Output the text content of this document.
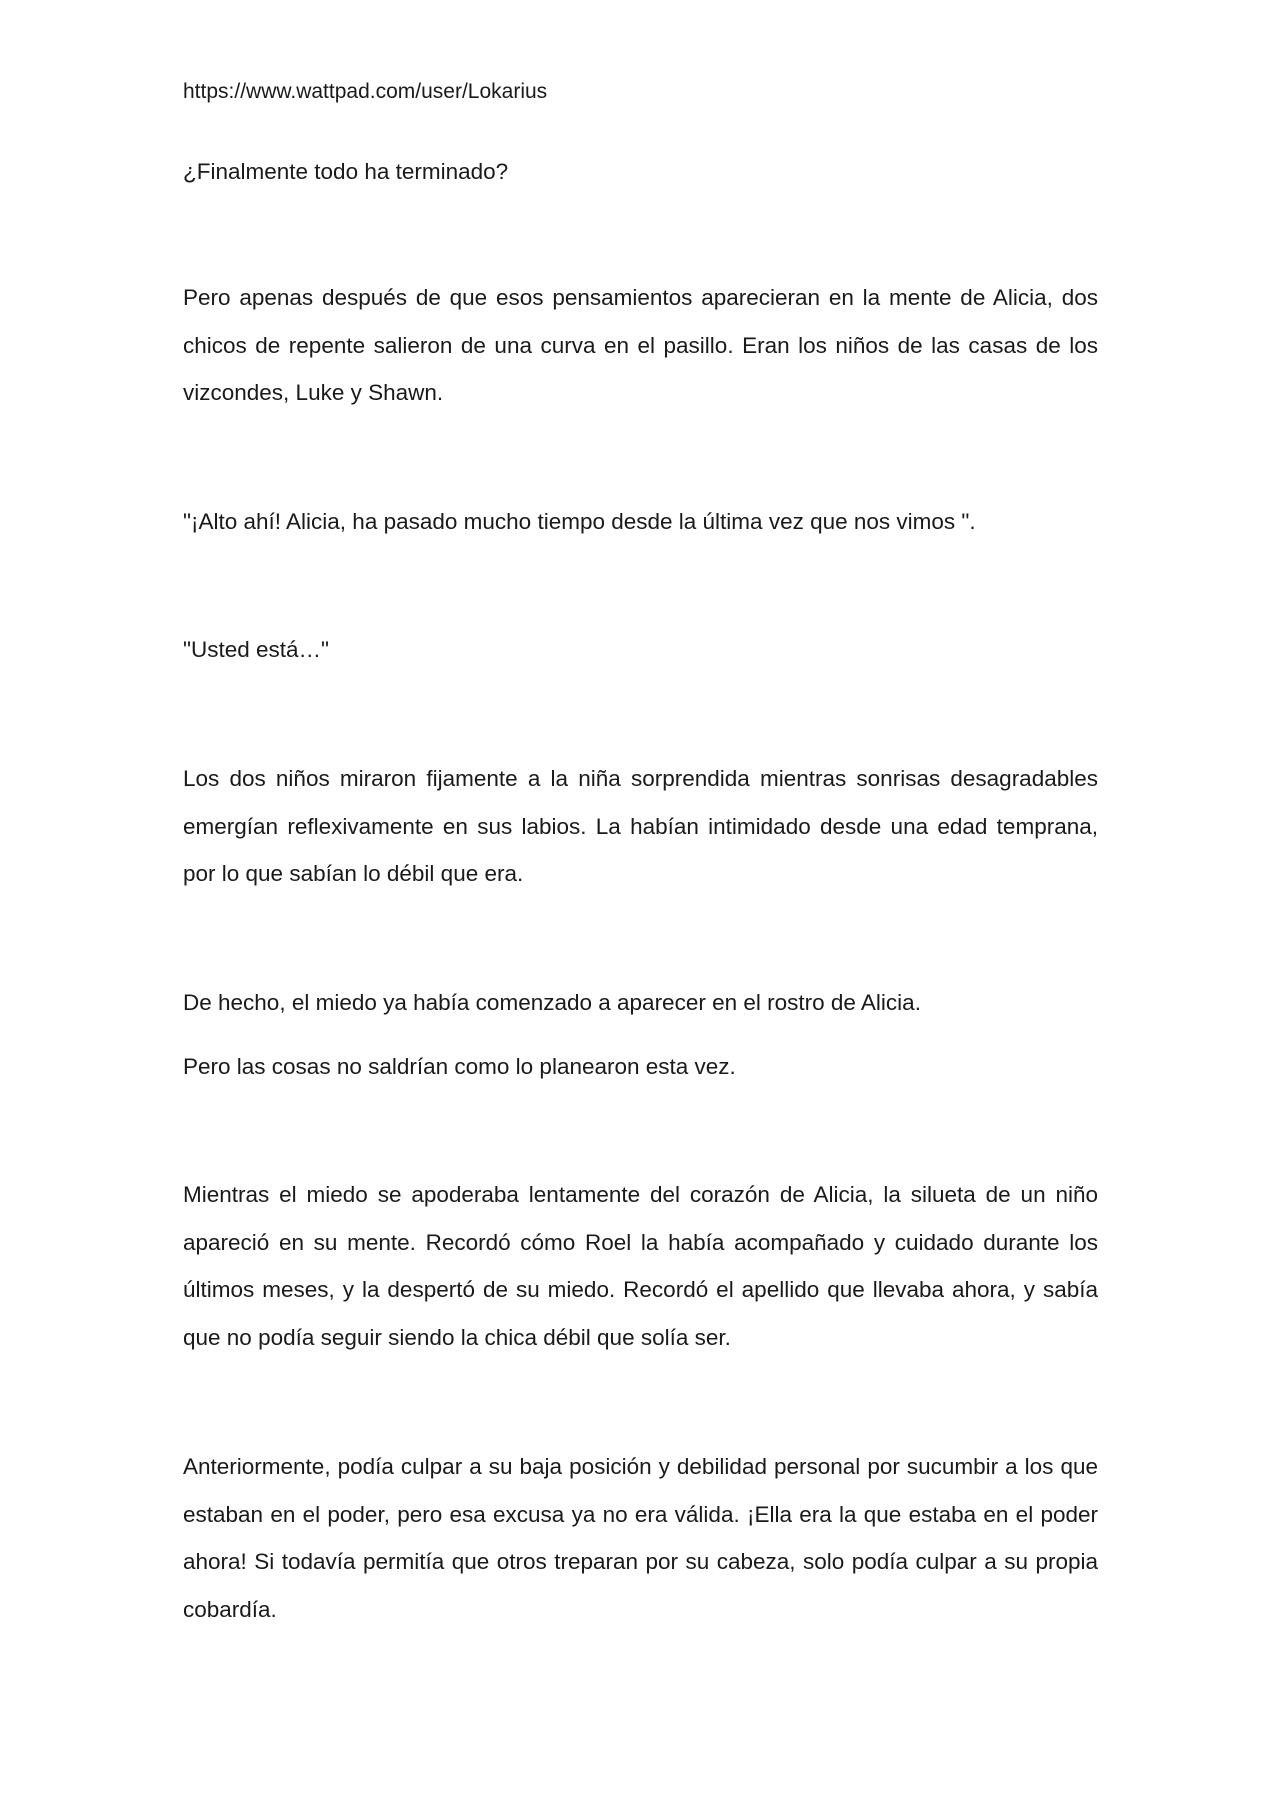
https://www.wattpad.com/user/Lokarius

¿Finalmente todo ha terminado?

Pero apenas después de que esos pensamientos aparecieran en la mente de Alicia, dos chicos de repente salieron de una curva en el pasillo. Eran los niños de las casas de los vizcondes, Luke y Shawn.

"¡Alto ahí! Alicia, ha pasado mucho tiempo desde la última vez que nos vimos ".

"Usted está…"

Los dos niños miraron fijamente a la niña sorprendida mientras sonrisas desagradables emergían reflexivamente en sus labios. La habían intimidado desde una edad temprana, por lo que sabían lo débil que era.

De hecho, el miedo ya había comenzado a aparecer en el rostro de Alicia.

Pero las cosas no saldrían como lo planearon esta vez.

Mientras el miedo se apoderaba lentamente del corazón de Alicia, la silueta de un niño apareció en su mente. Recordó cómo Roel la había acompañado y cuidado durante los últimos meses, y la despertó de su miedo. Recordó el apellido que llevaba ahora, y sabía que no podía seguir siendo la chica débil que solía ser.

Anteriormente, podía culpar a su baja posición y debilidad personal por sucumbir a los que estaban en el poder, pero esa excusa ya no era válida. ¡Ella era la que estaba en el poder ahora! Si todavía permitía que otros treparan por su cabeza, solo podía culpar a su propia cobardía.
